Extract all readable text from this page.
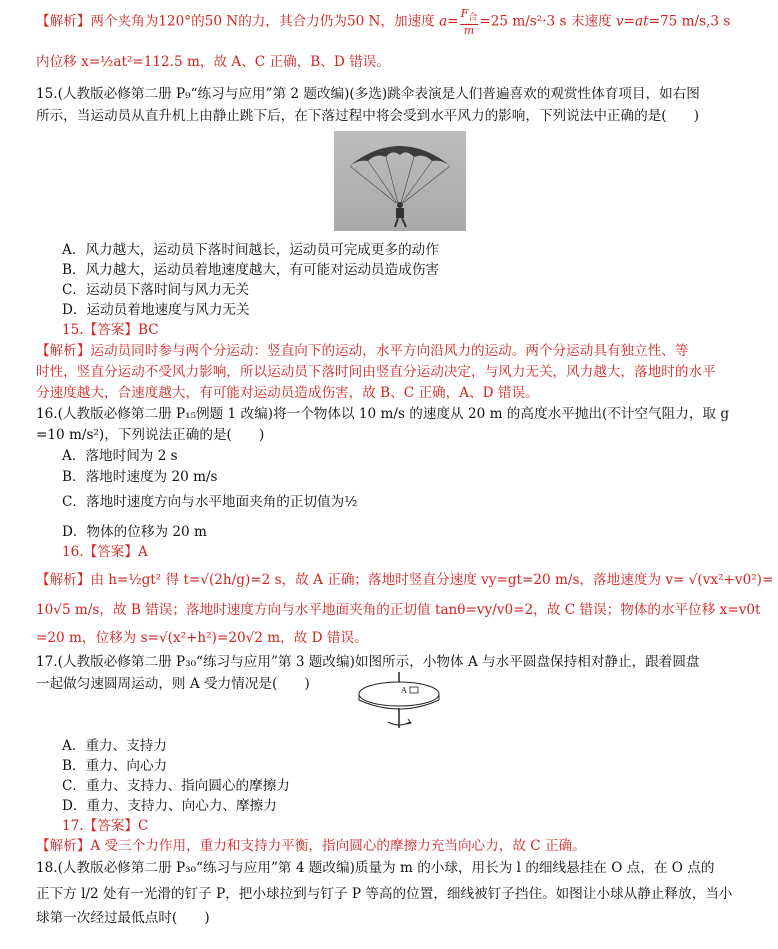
【解析】两个夹角为120°的50 N的力，其合力仍为50 N，加速度 $a= \frac{F_合}{m} =25$ m/s²·3 s 末速度 v=at=75 m/s,3 s
内位移 x=½at²=112.5 m，故 A、C 正确，B、D 错误。
15.(人教版必修第二册 P₉“练习与应用”第 2 题改编)(多选)跳伞表演是人们普遍喜欢的观赏性体育项目，如右图
所示，当运动员从直升机上由静止跳下后，在下落过程中将会受到水平风力的影响，下列说法中正确的是(　　)
A．风力越大，运动员下落时间越长，运动员可完成更多的动作
B．风力越大，运动员着地速度越大，有可能对运动员造成伤害
C．运动员下落时间与风力无关
D．运动员着地速度与风力无关
15.【答案】BC
【解析】运动员同时参与两个分运动：竖直向下的运动，水平方向沿风力的运动。两个分运动具有独立性、等
时性，竖直分运动不受风力影响，所以运动员下落时间由竖直分运动决定，与风力无关，风力越大，落地时的水平
分速度越大，合速度越大，有可能对运动员造成伤害，故 B、C 正确，A、D 错误。
16.(人教版必修第二册 P₁₅例题 1 改编)将一个物体以 10 m/s 的速度从 20 m 的高度水平抛出(不计空气阻力，取 g
=10 m/s²)，下列说法正确的是(　　)
A．落地时间为 2 s
B．落地时速度为 20 m/s
C．落地时速度方向与水平地面夹角的正切值为½
D．物体的位移为 20 m
16.【答案】A
【解析】由 h=½gt² 得 t=√(2h/g)=2 s，故 A 正确；落地时竖直分速度 vy=gt=20 m/s，落地速度为 v= √(vx²+v0²)=
10√5 m/s，故 B 错误；落地时速度方向与水平地面夹角的正切值 tanθ=vy/v0=2，故 C 错误；物体的水平位移 x=v0t
=20 m，位移为 s=√(x²+h²)=20√2 m，故 D 错误。
17.(人教版必修第二册 P₃₀“练习与应用”第 3 题改编)如图所示，小物体 A 与水平圆盘保持相对静止，跟着圆盘
一起做匀速圆周运动，则 A 受力情况是(　　)	A
A．重力、支持力
B．重力、向心力
C．重力、支持力、指向圆心的摩擦力
D．重力、支持力、向心力、摩擦力
17.【答案】C
【解析】A 受三个力作用，重力和支持力平衡，指向圆心的摩擦力充当向心力，故 C 正确。
18.(人教版必修第二册 P₃₀“练习与应用”第 4 题改编)质量为 m 的小球，用长为 l 的细线悬挂在 O 点，在 O 点的
正下方 l/2 处有一光滑的钉子 P，把小球拉到与钉子 P 等高的位置，细线被钉子挡住。如图让小球从静止释放，当小
球第一次经过最低点时(　　)
